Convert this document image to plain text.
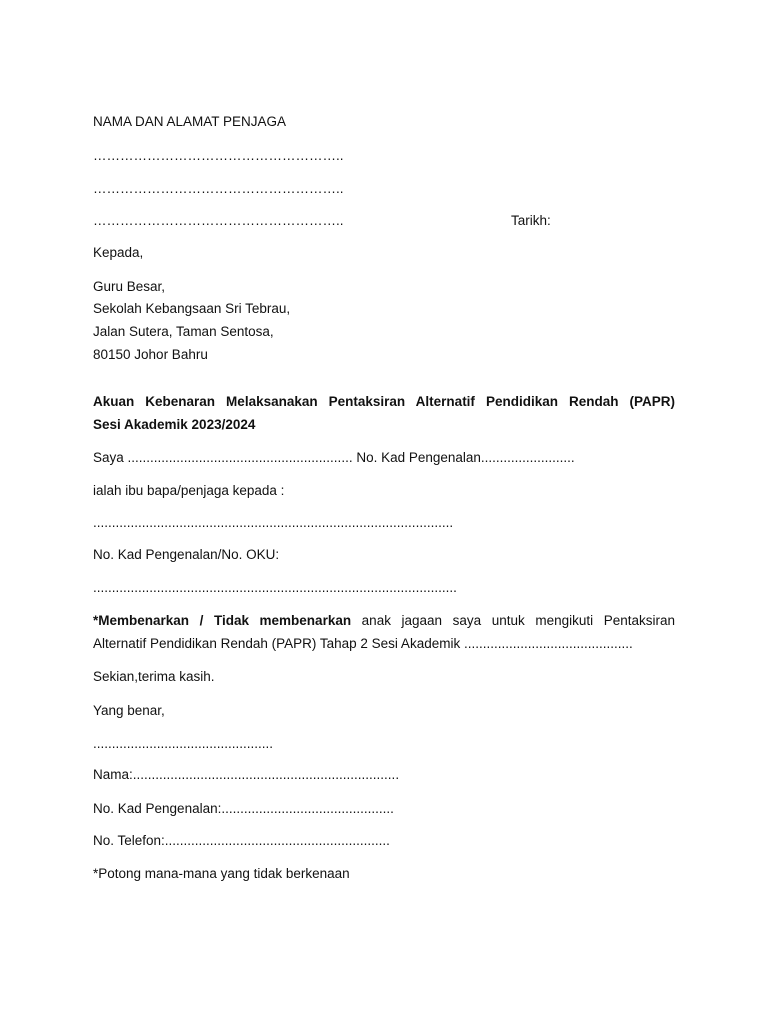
NAMA DAN ALAMAT PENJAGA
………………………………………………..
………………………………………………..
………………………………………………..	Tarikh:
Kepada,
Guru Besar,
Sekolah Kebangsaan Sri Tebrau,
Jalan Sutera, Taman Sentosa,
80150 Johor Bahru
Akuan Kebenaran Melaksanakan Pentaksiran Alternatif Pendidikan Rendah (PAPR)
Sesi Akademik 2023/2024
Saya ............................................................ No. Kad Pengenalan.........................
ialah ibu bapa/penjaga kepada :
................................................................................................
No. Kad Pengenalan/No. OKU:
.................................................................................................
*Membenarkan / Tidak membenarkan anak jagaan saya untuk mengikuti Pentaksiran
Alternatif Pendidikan Rendah (PAPR) Tahap 2 Sesi Akademik .............................................
Sekian,terima kasih.
Yang benar,
................................................
Nama:.......................................................................
No. Kad Pengenalan:..............................................
No. Telefon:............................................................
*Potong mana-mana yang tidak berkenaan
